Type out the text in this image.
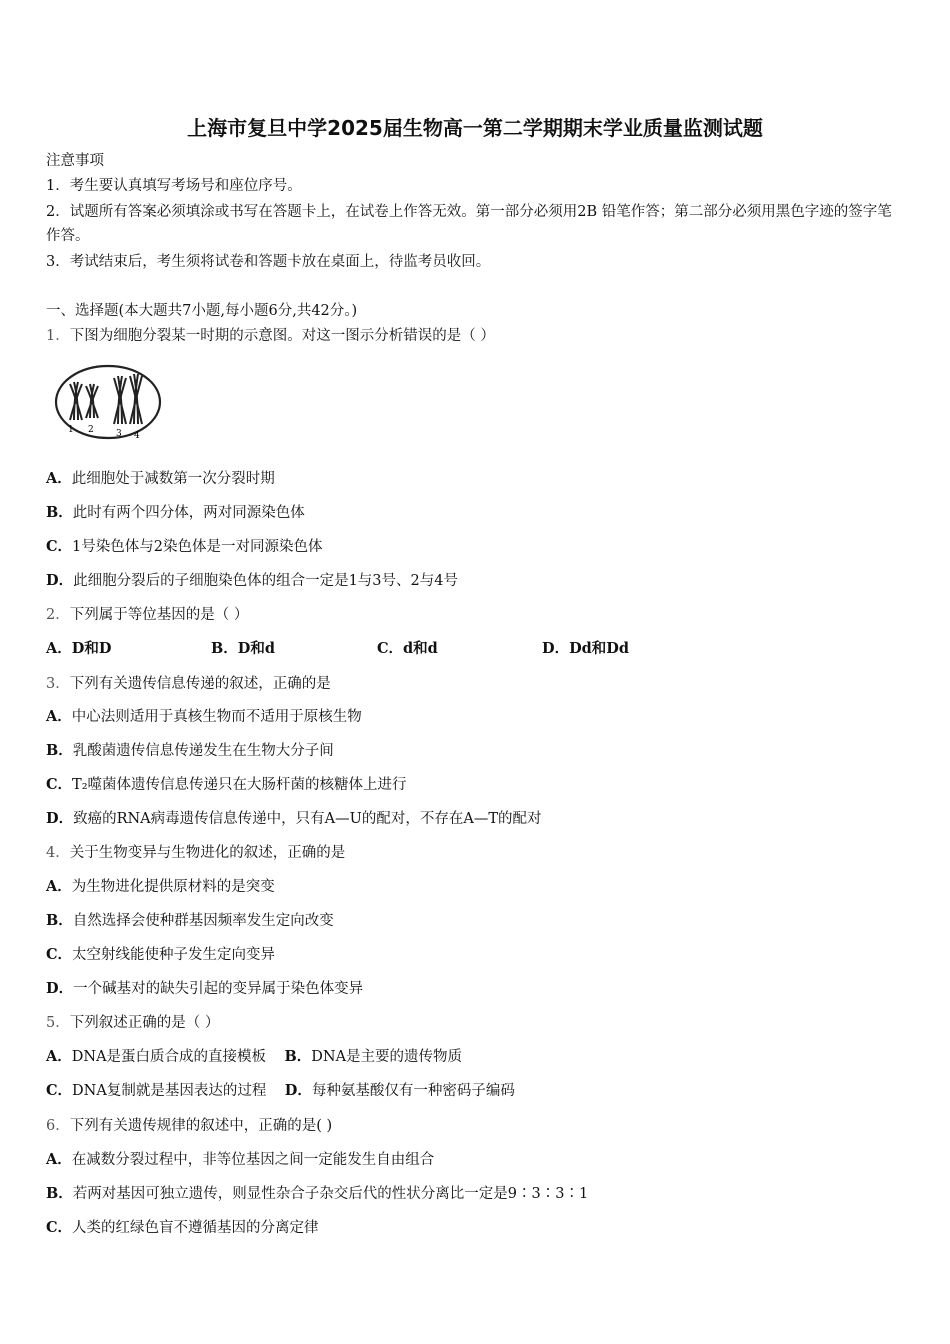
上海市复旦中学2025届生物高一第二学期期末学业质量监测试题
注意事项
1．考生要认真填写考场号和座位序号。
2．试题所有答案必须填涂或书写在答题卡上，在试卷上作答无效。第一部分必须用2B 铅笔作答；第二部分必须用黑色字迹的签字笔作答。
3．考试结束后，考生须将试卷和答题卡放在桌面上，待监考员收回。
一、选择题(本大题共7小题,每小题6分,共42分。)
1．下图为细胞分裂某一时期的示意图。对这一图示分析错误的是（ ）
1 2 3 4
A．此细胞处于减数第一次分裂时期
B．此时有两个四分体，两对同源染色体
C．1号染色体与2染色体是一对同源染色体
D．此细胞分裂后的子细胞染色体的组合一定是1与3号、2与4号
2．下列属于等位基因的是（ ）
A．D和D	B．D和d	C．d和d	D．Dd和Dd
3．下列有关遗传信息传递的叙述，正确的是
A．中心法则适用于真核生物而不适用于原核生物
B．乳酸菌遗传信息传递发生在生物大分子间
C．T₂噬菌体遗传信息传递只在大肠杆菌的核糖体上进行
D．致癌的RNA病毒遗传信息传递中，只有A—U的配对，不存在A—T的配对
4．关于生物变异与生物进化的叙述，正确的是
A．为生物进化提供原材料的是突变
B．自然选择会使种群基因频率发生定向改变
C．太空射线能使种子发生定向变异
D．一个碱基对的缺失引起的变异属于染色体变异
5．下列叙述正确的是（ ）
A．DNA是蛋白质合成的直接模板 B．DNA是主要的遗传物质
C．DNA复制就是基因表达的过程 D．每种氨基酸仅有一种密码子编码
6．下列有关遗传规律的叙述中，正确的是( )
A．在减数分裂过程中，非等位基因之间一定能发生自由组合
B．若两对基因可独立遗传，则显性杂合子杂交后代的性状分离比一定是9∶3∶3∶1
C．人类的红绿色盲不遵循基因的分离定律
